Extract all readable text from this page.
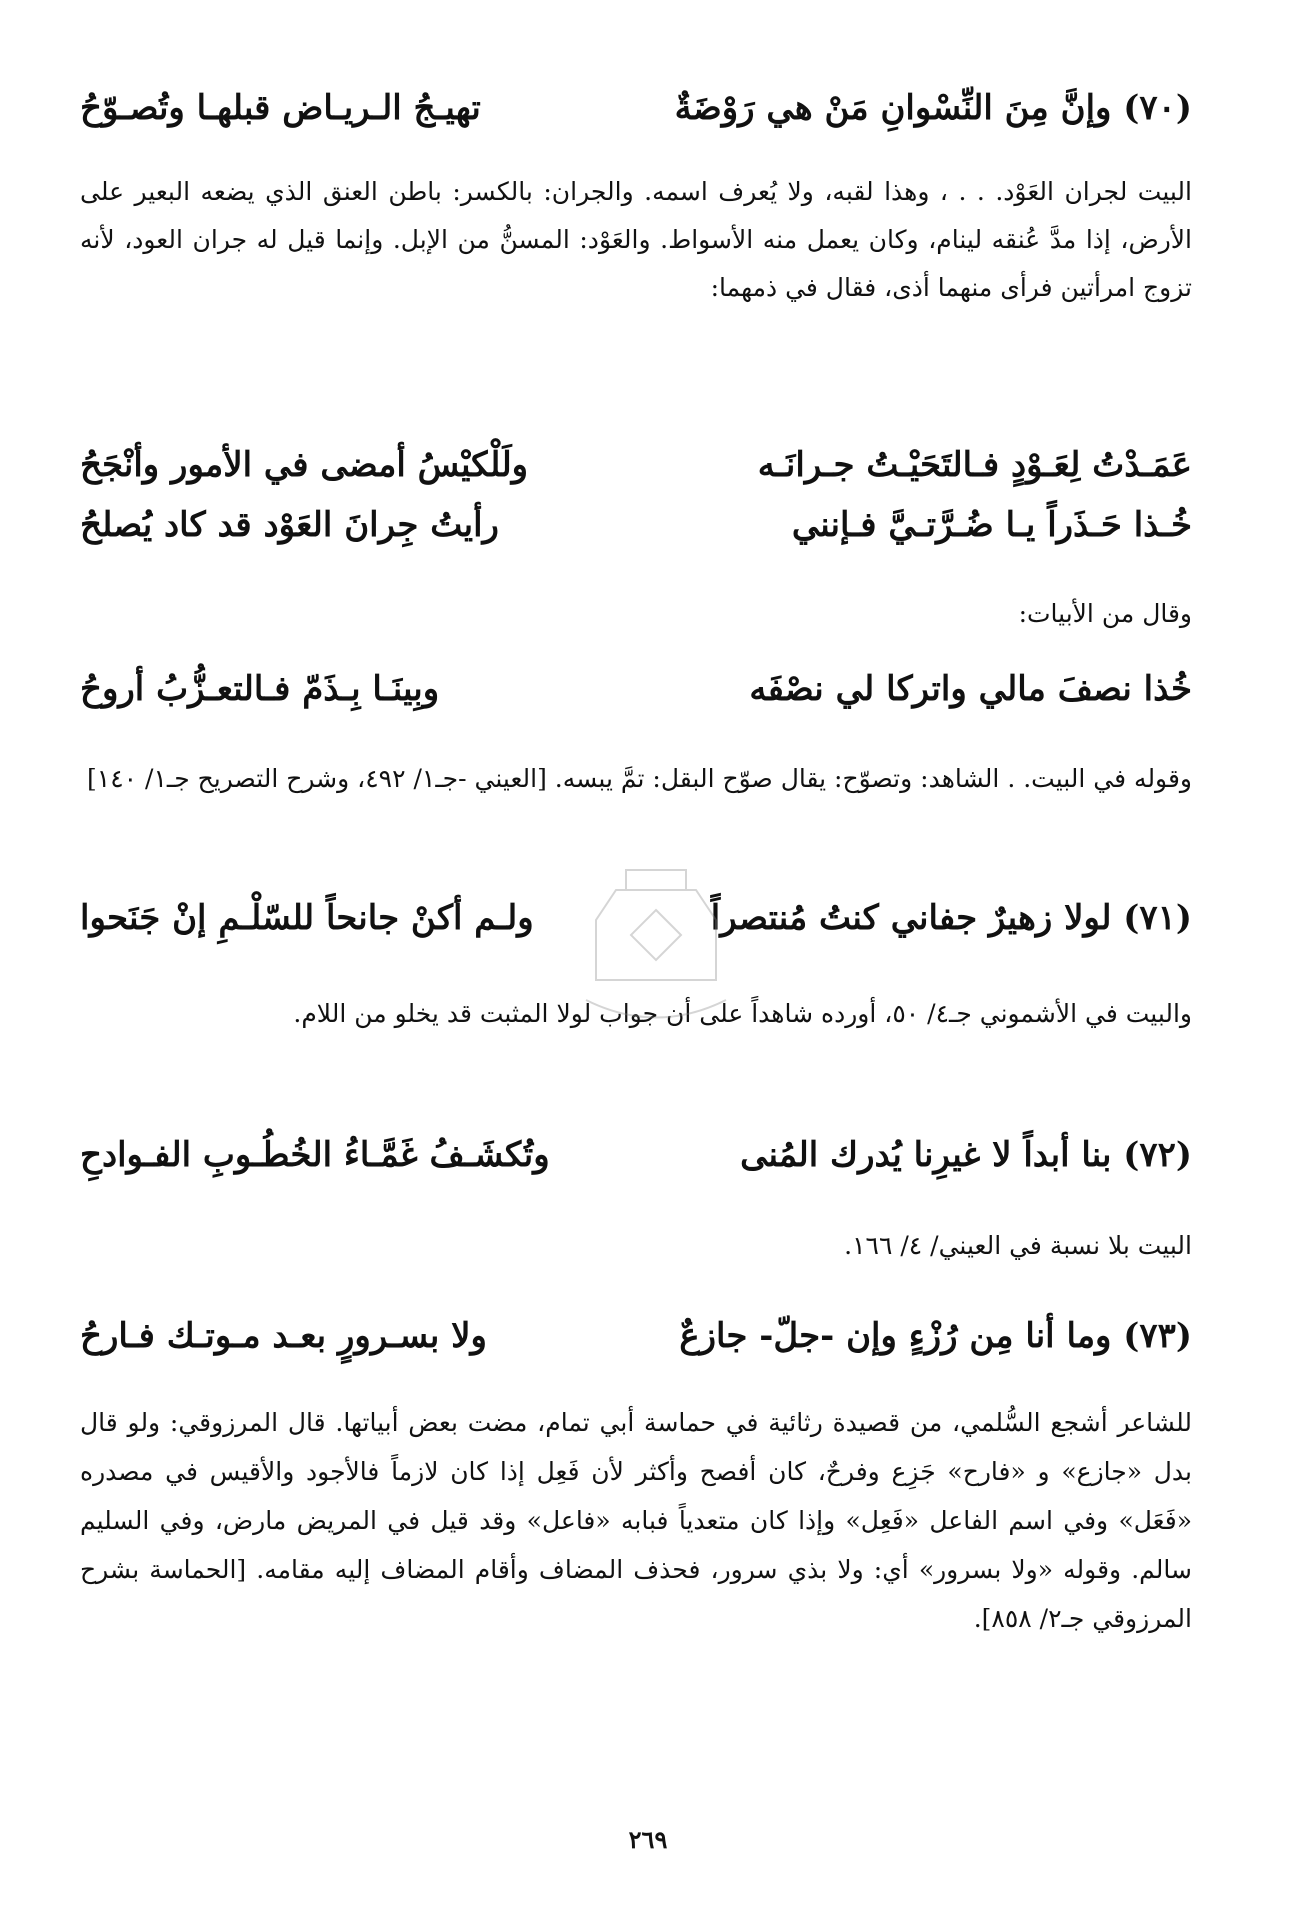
(٧٠) وإنَّ مِنَ النِّسْوانِ مَنْ هي رَوْضَةٌ
تهيـجُ الـريـاض قبلهـا وتُصـوّحُ

البيت لجران العَوْد. . . ، وهذا لقبه، ولا يُعرف اسمه. والجران: بالكسر: باطن العنق الذي يضعه البعير على الأرض، إذا مدَّ عُنقه لينام، وكان يعمل منه الأسواط. والعَوْد: المسنُّ من الإبل. وإنما قيل له جران العود، لأنه تزوج امرأتين فرأى منهما أذى، فقال في ذمهما:

عَمَـدْتُ لِعَـوْدٍ فـالتَحَيْـتُ جـرانَـه
ولَلْكيْسُ أمضى في الأمور وأنْجَحُ
خُـذا حَـذَراً يـا ضُـرَّتـيَّ فـإنني
رأيتُ جِرانَ العَوْد قد كاد يُصلحُ

وقال من الأبيات:

خُذا نصفَ مالي واتركا لي نصْفَه
وبِينَـا بِـذَمّ فـالتعـزُّبُ أروحُ

وقوله في البيت. . الشاهد: وتصوّح: يقال صوّح البقل: تمَّ يبسه. [العيني -جـ١/ ٤٩٢، وشرح التصريح جـ١/ ١٤٠]

(٧١) لولا زهيرٌ جفاني كنتُ مُنتصراً
ولـم أكنْ جانحاً للسّلْـمِ إنْ جَنَحوا

والبيت في الأشموني جـ٤/ ٥٠، أورده شاهداً على أن جواب لولا المثبت قد يخلو من اللام.

(٧٢) بنا أبداً لا غيرِنا يُدرك المُنى
وتُكشَـفُ غَمَّـاءُ الخُطُـوبِ الفـوادحِ

البيت بلا نسبة في العيني/ ٤/ ١٦٦.

(٧٣) وما أنا مِن رُزْءٍ وإن -جلّ- جازعٌ
ولا بسـرورٍ بعـد مـوتـك فـارحُ

للشاعر أشجع السُّلمي، من قصيدة رثائية في حماسة أبي تمام، مضت بعض أبياتها. قال المرزوقي: ولو قال بدل «جازع» و «فارح» جَزِع وفرحٌ، كان أفصح وأكثر لأن فَعِل إذا كان لازماً فالأجود والأقيس في مصدره «فَعَل» وفي اسم الفاعل «فَعِل» وإذا كان متعدياً فبابه «فاعل» وقد قيل في المريض مارض، وفي السليم سالم. وقوله «ولا بسرور» أي: ولا بذي سرور، فحذف المضاف وأقام المضاف إليه مقامه. [الحماسة بشرح المرزوقي جـ٢/ ٨٥٨].

٢٦٩
